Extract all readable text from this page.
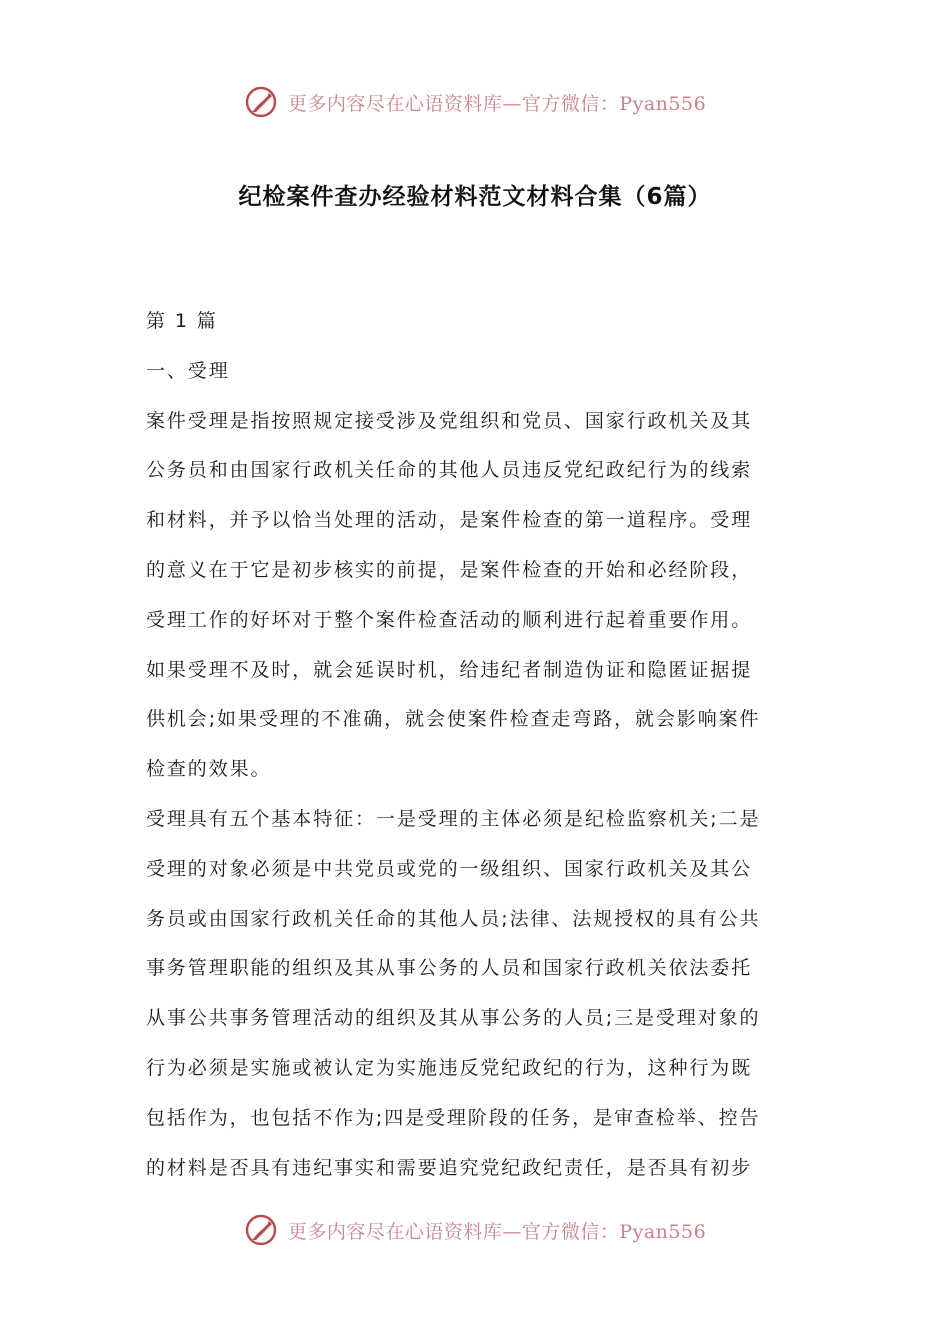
更多内容尽在心语资料库—官方微信：Pyan556
纪检案件查办经验材料范文材料合集（6篇）
第 1 篇
一、受理
案件受理是指按照规定接受涉及党组织和党员、国家行政机关及其
公务员和由国家行政机关任命的其他人员违反党纪政纪行为的线索
和材料，并予以恰当处理的活动，是案件检查的第一道程序。受理
的意义在于它是初步核实的前提，是案件检查的开始和必经阶段，
受理工作的好坏对于整个案件检查活动的顺利进行起着重要作用。
如果受理不及时，就会延误时机，给违纪者制造伪证和隐匿证据提
供机会;如果受理的不准确，就会使案件检查走弯路，就会影响案件
检查的效果。
受理具有五个基本特征：一是受理的主体必须是纪检监察机关;二是
受理的对象必须是中共党员或党的一级组织、国家行政机关及其公
务员或由国家行政机关任命的其他人员;法律、法规授权的具有公共
事务管理职能的组织及其从事公务的人员和国家行政机关依法委托
从事公共事务管理活动的组织及其从事公务的人员;三是受理对象的
行为必须是实施或被认定为实施违反党纪政纪的行为，这种行为既
包括作为，也包括不作为;四是受理阶段的任务，是审查检举、控告
的材料是否具有违纪事实和需要追究党纪政纪责任，是否具有初步
更多内容尽在心语资料库—官方微信：Pyan556
